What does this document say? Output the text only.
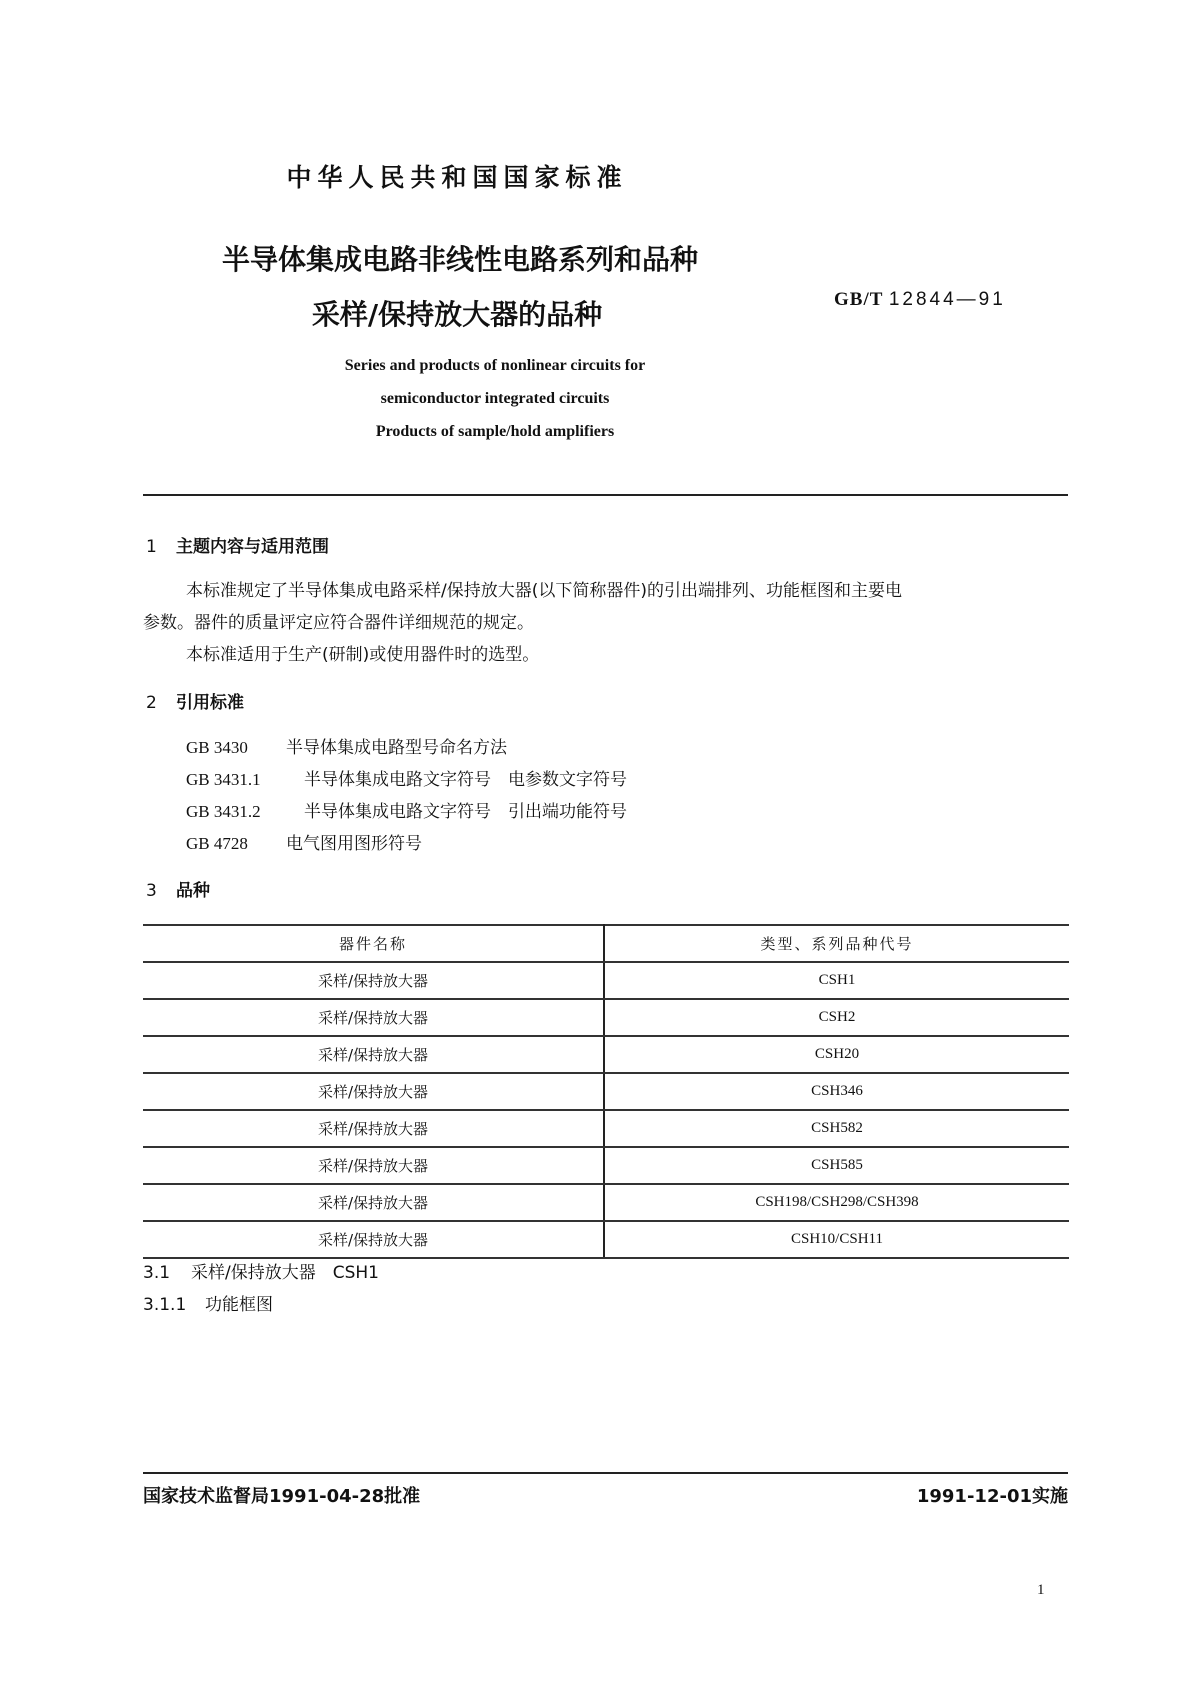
中华人民共和国国家标准
半导体集成电路非线性电路系列和品种
采样/保持放大器的品种	GB/T 12844—91
Series and products of nonlinear circuits for
semiconductor integrated circuits
Products of sample/hold amplifiers
1 主题内容与适用范围
本标准规定了半导体集成电路采样/保持放大器(以下简称器件)的引出端排列、功能框图和主要电
参数。器件的质量评定应符合器件详细规范的规定。
本标准适用于生产(研制)或使用器件时的选型。
2 引用标准
GB 3430 半导体集成电路型号命名方法
GB 3431.1	半导体集成电路文字符号　电参数文字符号
GB 3431.2	半导体集成电路文字符号　引出端功能符号
GB 4728 电气图用图形符号
3 品种
器件名称	类型、系列品种代号
采样/保持放大器	CSH1
采样/保持放大器	CSH2
采样/保持放大器	CSH20
采样/保持放大器	CSH346
采样/保持放大器	CSH582
采样/保持放大器	CSH585
采样/保持放大器	CSH198/CSH298/CSH398
采样/保持放大器	CSH10/CSH11
3.1 采样/保持放大器　CSH1
3.1.1 功能框图
国家技术监督局1991-04-28批准	1991-12-01实施
1
